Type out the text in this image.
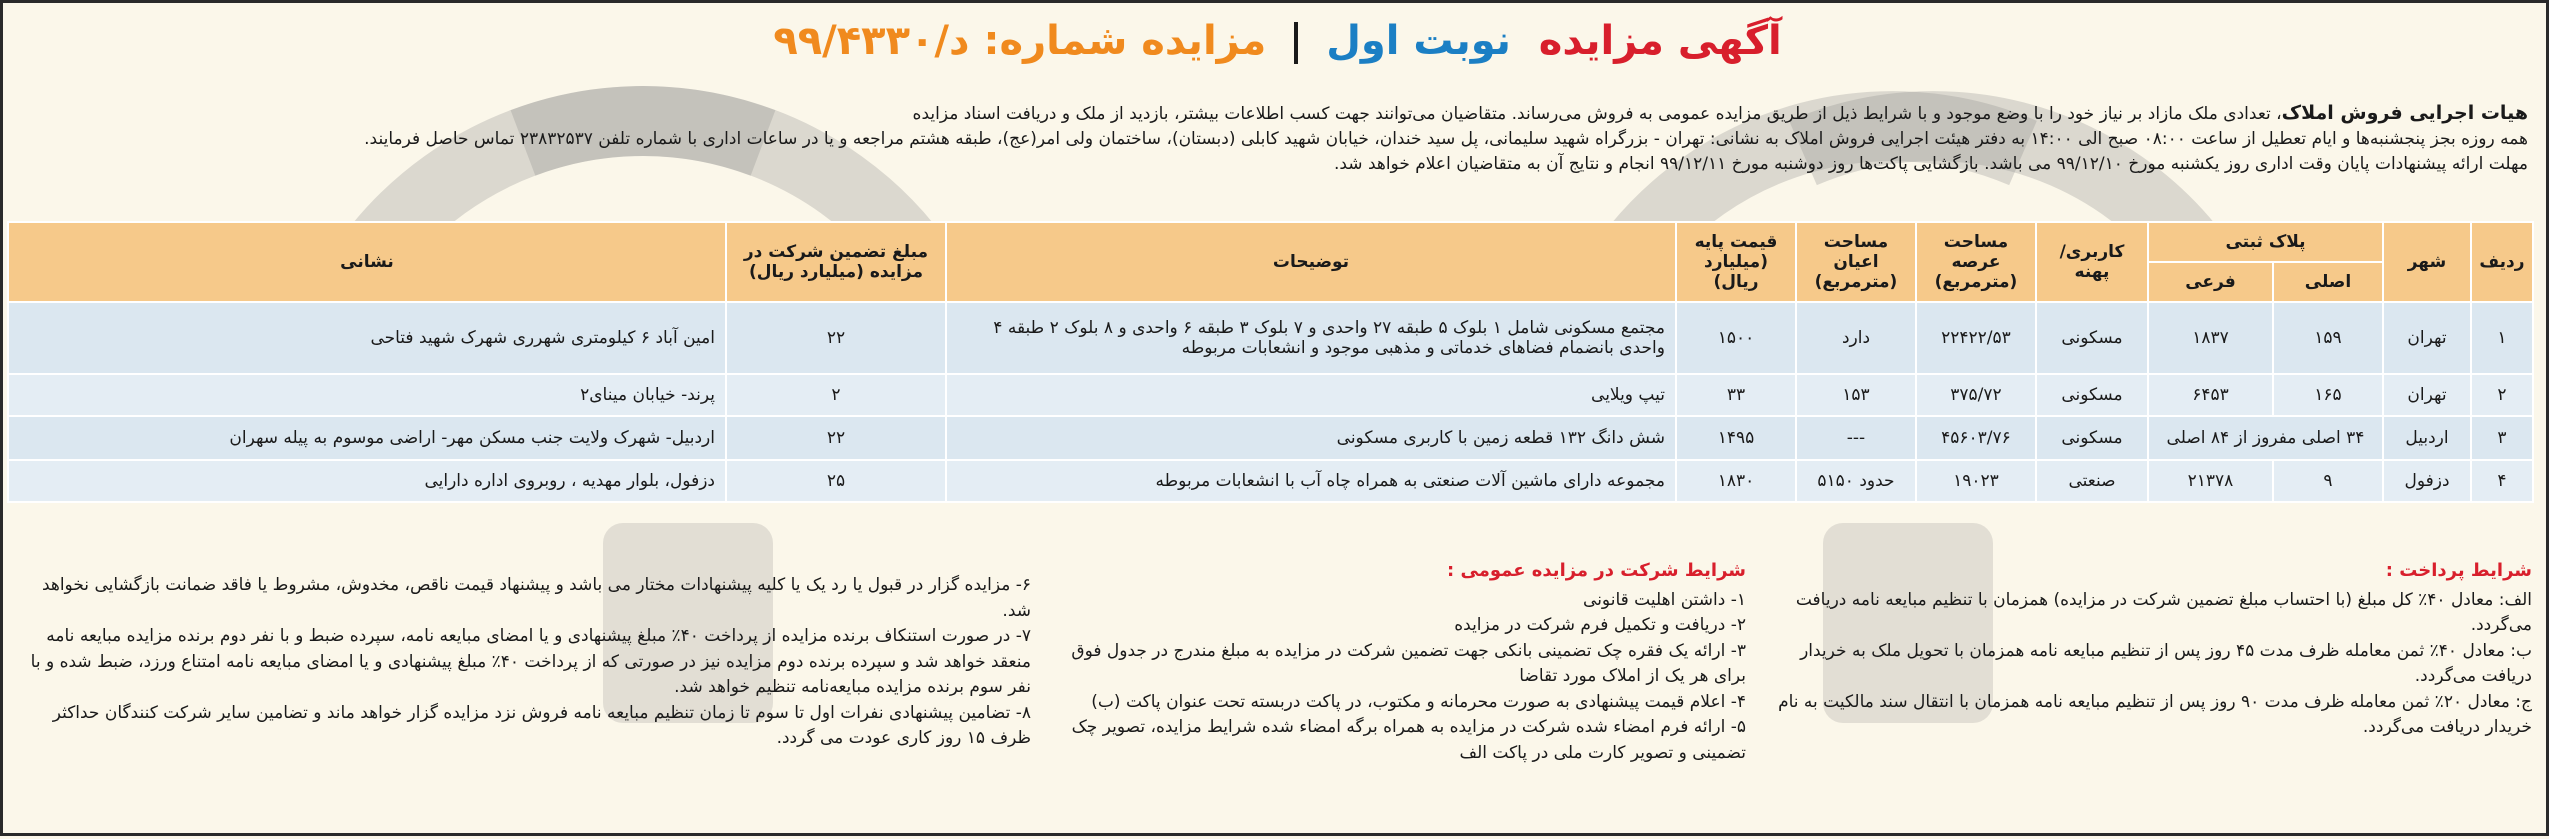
آگهی مزایده نوبت اول  مزایده شماره: د/۹۹/۴۳۳۰

هیات اجرایی فروش املاک، تعدادی ملک مازاد بر نیاز خود را با وضع موجود و با شرایط ذیل از طریق مزایده عمومی به فروش می‌رساند. متقاضیان می‌توانند جهت کسب اطلاعات بیشتر، بازدید از ملک و دریافت اسناد مزایده

همه روزه بجز پنجشنبه‌ها و ایام تعطیل از ساعت ۰۸:۰۰ صبح الی ۱۴:۰۰ به دفتر هیئت اجرایی فروش املاک به نشانی: تهران - بزرگراه شهید سلیمانی، پل سید خندان، خیابان شهید کابلی (دبستان)، ساختمان ولی امر(عج)، طبقه هشتم مراجعه و یا در ساعات اداری با شماره تلفن ۲۳۸۳۲۵۳۷ تماس حاصل فرمایند.

مهلت ارائه پیشنهادات پایان وقت اداری روز یکشنبه مورخ ۹۹/۱۲/۱۰ می باشد. بازگشایی پاکت‌ها روز دوشنبه مورخ ۹۹/۱۲/۱۱ انجام و نتایج آن به متقاضیان اعلام خواهد شد.

ردیف	شهر	پلاک ثبتی		کاربری/پهنه	مساحت عرصه (مترمربع)	مساحت اعیان (مترمربع)	قیمت پایه (میلیارد ریال)	توضیحات	مبلغ تضمین شرکت در مزایده (میلیارد ریال)	نشانی
		اصلی	فرعی							
۱	تهران	۱۵۹	۱۸۳۷	مسکونی	۲۲۴۲۲/۵۳	دارد	۱۵۰۰	مجتمع مسکونی شامل ۱ بلوک ۵ طبقه ۲۷ واحدی و ۷ بلوک ۳ طبقه ۶ واحدی و ۸ بلوک ۲ طبقه ۴ واحدی بانضمام فضاهای خدماتی و مذهبی موجود و انشعابات مربوطه	۲۲	امین آباد ۶ کیلومتری شهرری شهرک شهید فتاحی
۲	تهران	۱۶۵	۶۴۵۳	مسکونی	۳۷۵/۷۲	۱۵۳	۳۳	تیپ ویلایی	۲	پرند- خیابان مینای۲
۳	اردبیل	۳۴ اصلی مفروز از ۸۴ اصلی		مسکونی	۴۵۶۰۳/۷۶	---	۱۴۹۵	شش دانگ ۱۳۲ قطعه زمین با کاربری مسکونی	۲۲	اردبیل- شهرک ولایت جنب مسکن مهر- اراضی موسوم به پیله سهران
۴	دزفول	۹	۲۱۳۷۸	صنعتی	۱۹۰۲۳	حدود ۵۱۵۰	۱۸۳۰	مجموعه دارای ماشین آلات صنعتی به همراه چاه آب با انشعابات مربوطه	۲۵	دزفول، بلوار مهدیه ، روبروی اداره دارایی
شرایط پرداخت :

الف: معادل ۴۰٪ کل مبلغ (با احتساب مبلغ تضمین شرکت در مزایده) همزمان با تنظیم مبایعه نامه دریافت می‌گردد.

ب: معادل ۴۰٪ ثمن معامله ظرف مدت ۴۵ روز پس از تنظیم مبایعه نامه همزمان با تحویل ملک به خریدار دریافت می‌گردد.

ج: معادل ۲۰٪ ثمن معامله ظرف مدت ۹۰ روز پس از تنظیم مبایعه نامه همزمان با انتقال سند مالکیت به نام خریدار دریافت می‌گردد.

شرایط شرکت در مزایده عمومی :

۱- داشتن اهلیت قانونی

۲- دریافت و تکمیل فرم شرکت در مزایده

۳- ارائه یک فقره چک تضمینی بانکی جهت تضمین شرکت در مزایده به مبلغ مندرج در جدول فوق برای هر یک از املاک مورد تقاضا

۴- اعلام قیمت پیشنهادی به صورت محرمانه و مکتوب، در پاکت دربسته تحت عنوان پاکت (ب)

۵- ارائه فرم امضاء شده شرکت در مزایده به همراه برگه امضاء شده شرایط مزایده، تصویر چک تضمینی و تصویر کارت ملی در پاکت الف

۶- مزایده گزار در قبول یا رد یک یا کلیه پیشنهادات مختار می باشد و پیشنهاد قیمت ناقص، مخدوش، مشروط یا فاقد ضمانت بازگشایی نخواهد شد.

۷- در صورت استنکاف برنده مزایده از پرداخت ۴۰٪ مبلغ پیشنهادی و یا امضای مبایعه نامه، سپرده ضبط و با نفر دوم برنده مزایده مبایعه نامه منعقد خواهد شد و سپرده برنده دوم مزایده نیز در صورتی که از پرداخت ۴۰٪ مبلغ پیشنهادی و یا امضای مبایعه نامه امتناع ورزد، ضبط شده و با نفر سوم برنده مزایده مبایعه‌نامه تنظیم خواهد شد.

۸- تضامین پیشنهادی نفرات اول تا سوم تا زمان تنظیم مبایعه نامه فروش نزد مزایده گزار خواهد ماند و تضامین سایر شرکت کنندگان حداکثر ظرف ۱۵ روز کاری عودت می گردد.
